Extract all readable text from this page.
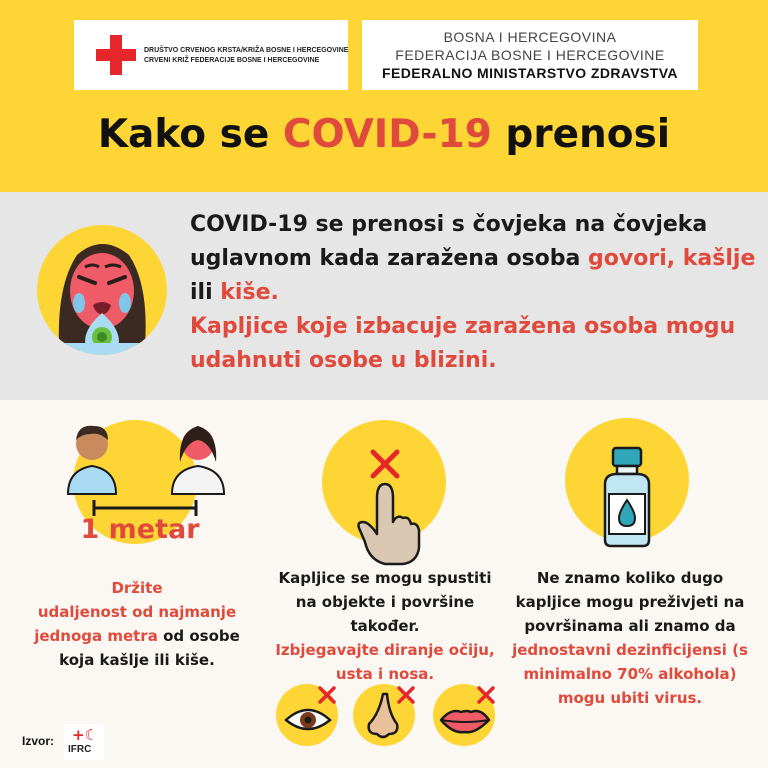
DRUŠTVO CRVENOG KRSTA/KRIŽA BOSNE I HERCEGOVINE
CRVENI KRIŽ FEDERACIJE BOSNE I HERCEGOVINE
BOSNA I HERCEGOVINA
FEDERACIJA BOSNE I HERCEGOVINE
FEDERALNO MINISTARSTVO ZDRAVSTVA
Kako se COVID-19 prenosi
COVID-19 se prenosi s čovjeka na čovjeka uglavnom kada zaražena osoba govori, kašlje ili kiše.
Kapljice koje izbacuje zaražena osoba mogu udahnuti osobe u blizini.
1 metar
Držite
udaljenost od najmanje jednoga metra od osobe koja kašlje ili kiše.
Kapljice se mogu spustiti na objekte i površine također.
Izbjegavajte diranje očiju, usta i nosa.
Ne znamo koliko dugo kapljice mogu preživjeti na površinama ali znamo da
jednostavni dezinficijensi (s minimalno 70% alkohola) mogu ubiti virus.
Izvor: +☾
IFRC
